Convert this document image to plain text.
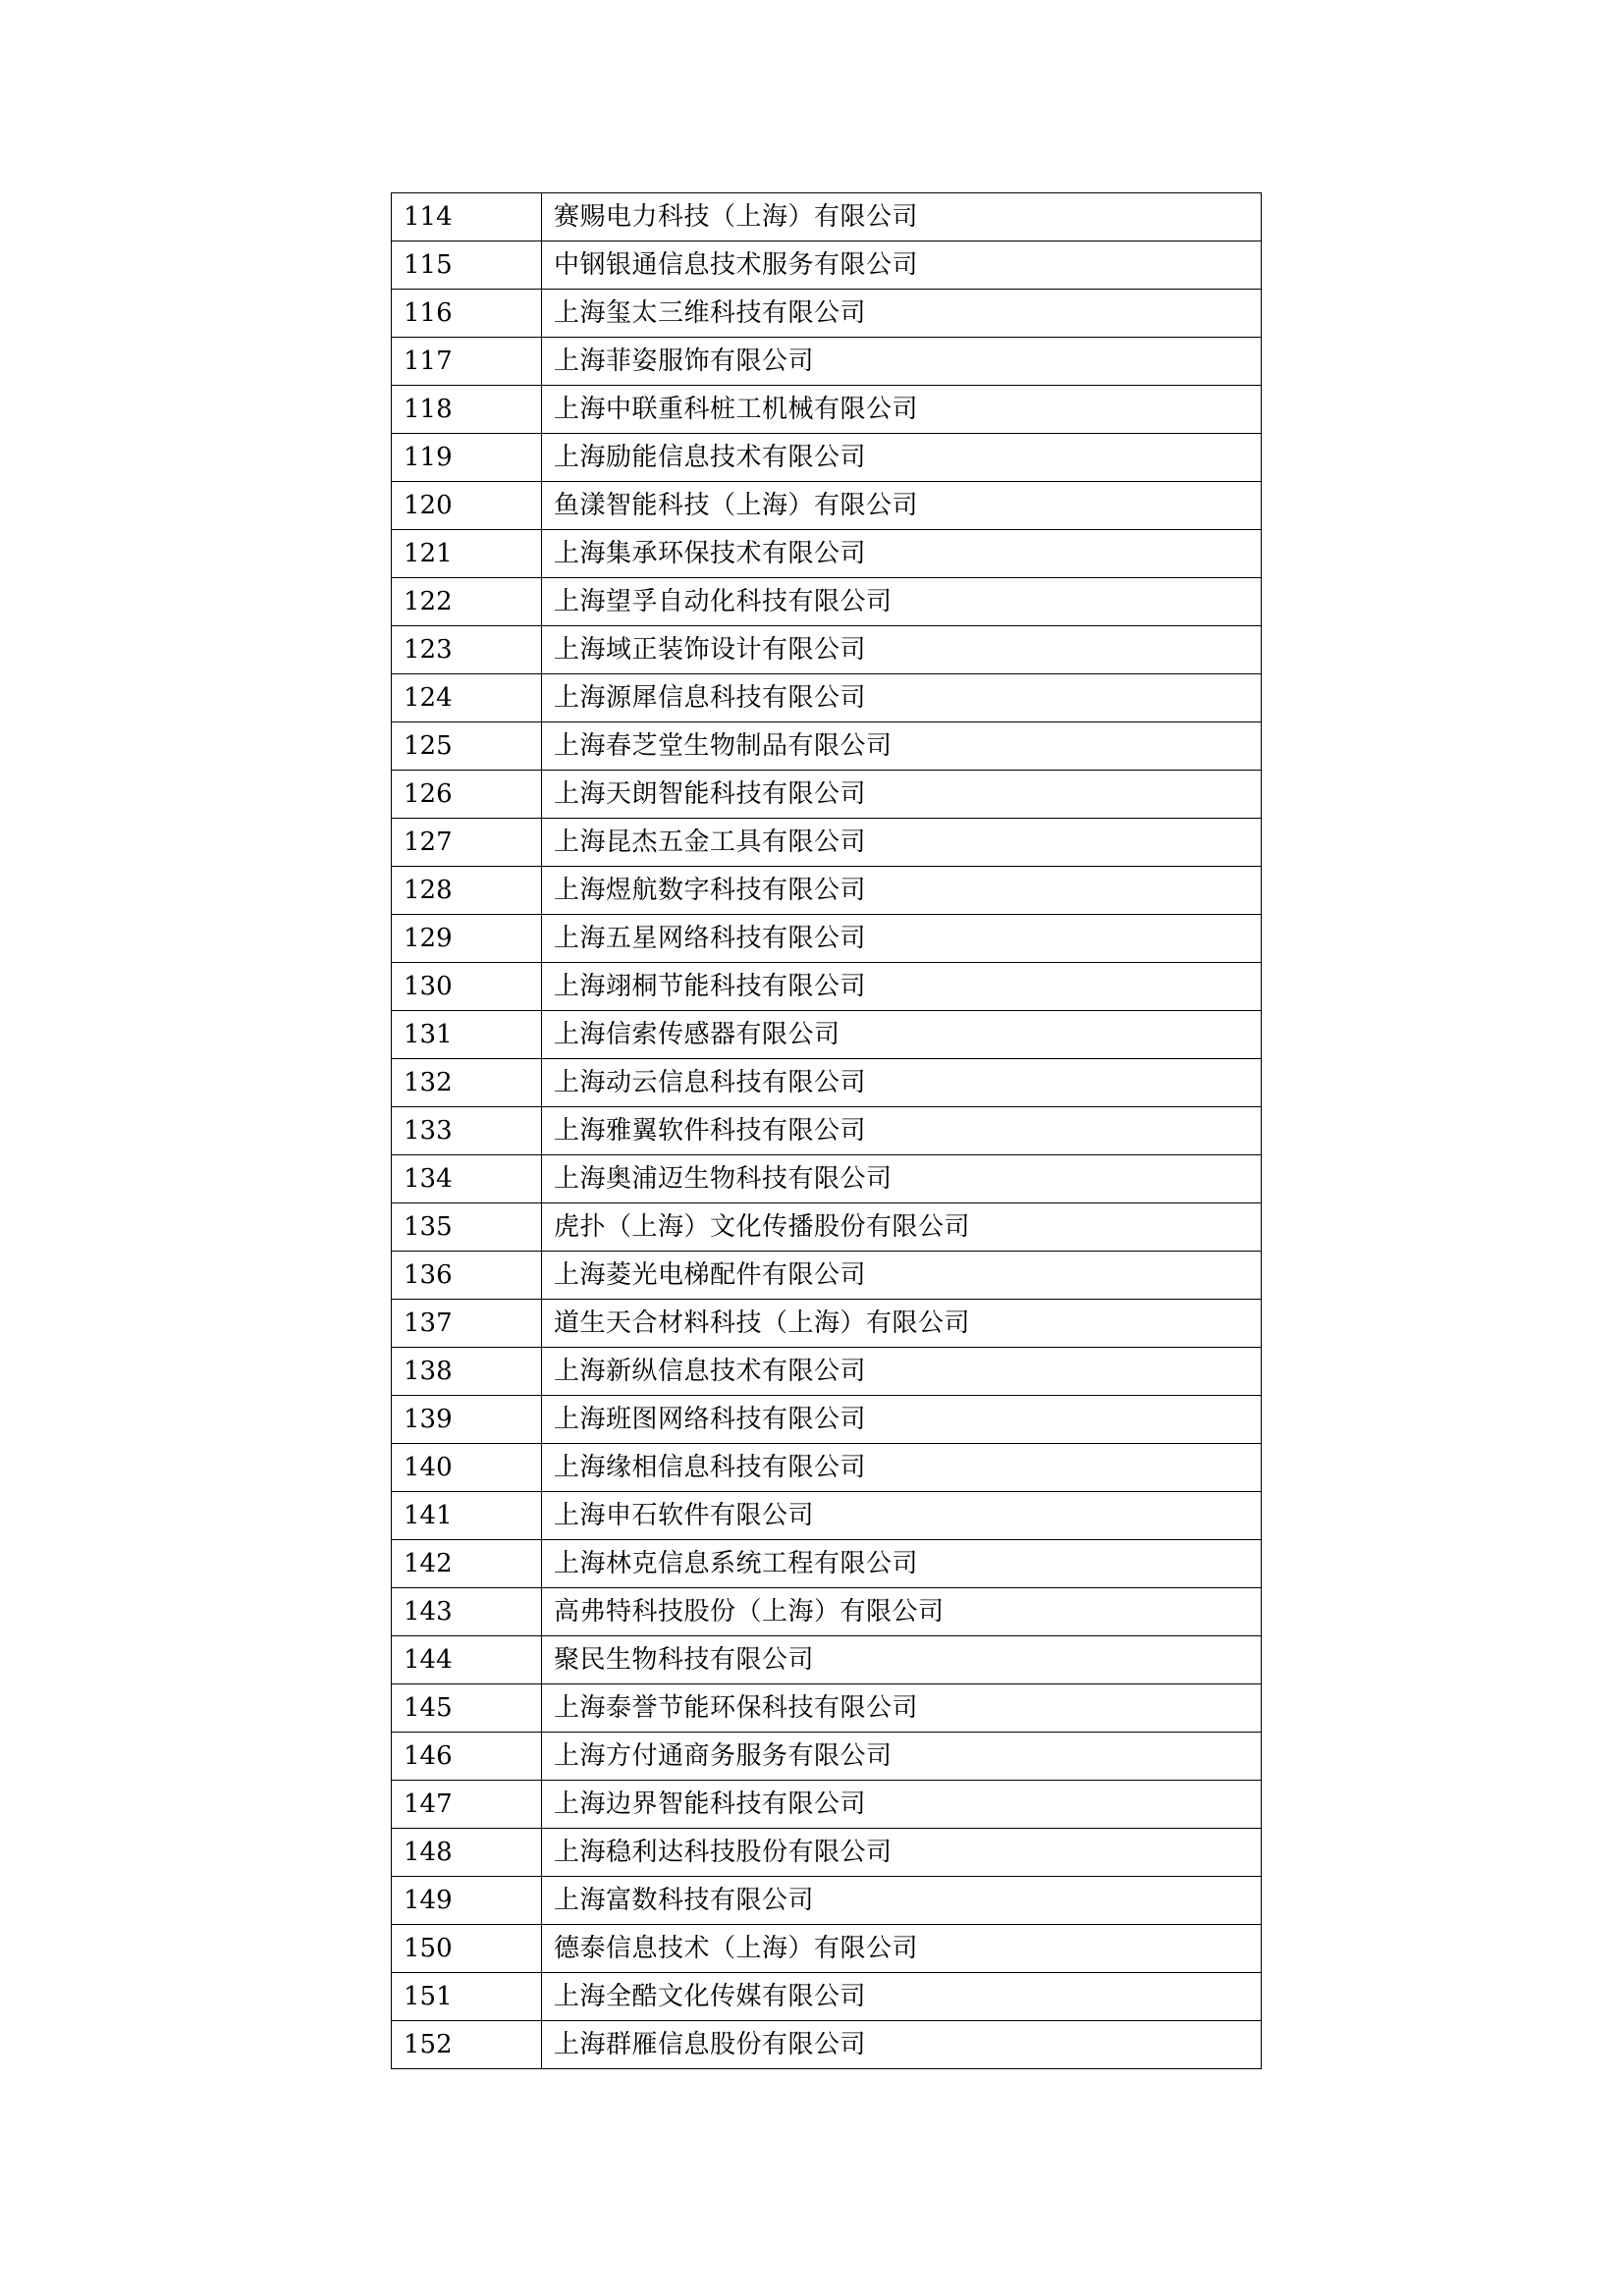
114	赛赐电力科技（上海）有限公司
115	中钢银通信息技术服务有限公司
116	上海玺太三维科技有限公司
117	上海菲姿服饰有限公司
118	上海中联重科桩工机械有限公司
119	上海励能信息技术有限公司
120	鱼漾智能科技（上海）有限公司
121	上海集承环保技术有限公司
122	上海望孚自动化科技有限公司
123	上海域正装饰设计有限公司
124	上海源犀信息科技有限公司
125	上海春芝堂生物制品有限公司
126	上海天朗智能科技有限公司
127	上海昆杰五金工具有限公司
128	上海煜航数字科技有限公司
129	上海五星网络科技有限公司
130	上海翊桐节能科技有限公司
131	上海信索传感器有限公司
132	上海动云信息科技有限公司
133	上海雅翼软件科技有限公司
134	上海奥浦迈生物科技有限公司
135	虎扑（上海）文化传播股份有限公司
136	上海菱光电梯配件有限公司
137	道生天合材料科技（上海）有限公司
138	上海新纵信息技术有限公司
139	上海班图网络科技有限公司
140	上海缘相信息科技有限公司
141	上海申石软件有限公司
142	上海林克信息系统工程有限公司
143	高弗特科技股份（上海）有限公司
144	聚民生物科技有限公司
145	上海泰誉节能环保科技有限公司
146	上海方付通商务服务有限公司
147	上海边界智能科技有限公司
148	上海稳利达科技股份有限公司
149	上海富数科技有限公司
150	德泰信息技术（上海）有限公司
151	上海全酷文化传媒有限公司
152	上海群雁信息股份有限公司
